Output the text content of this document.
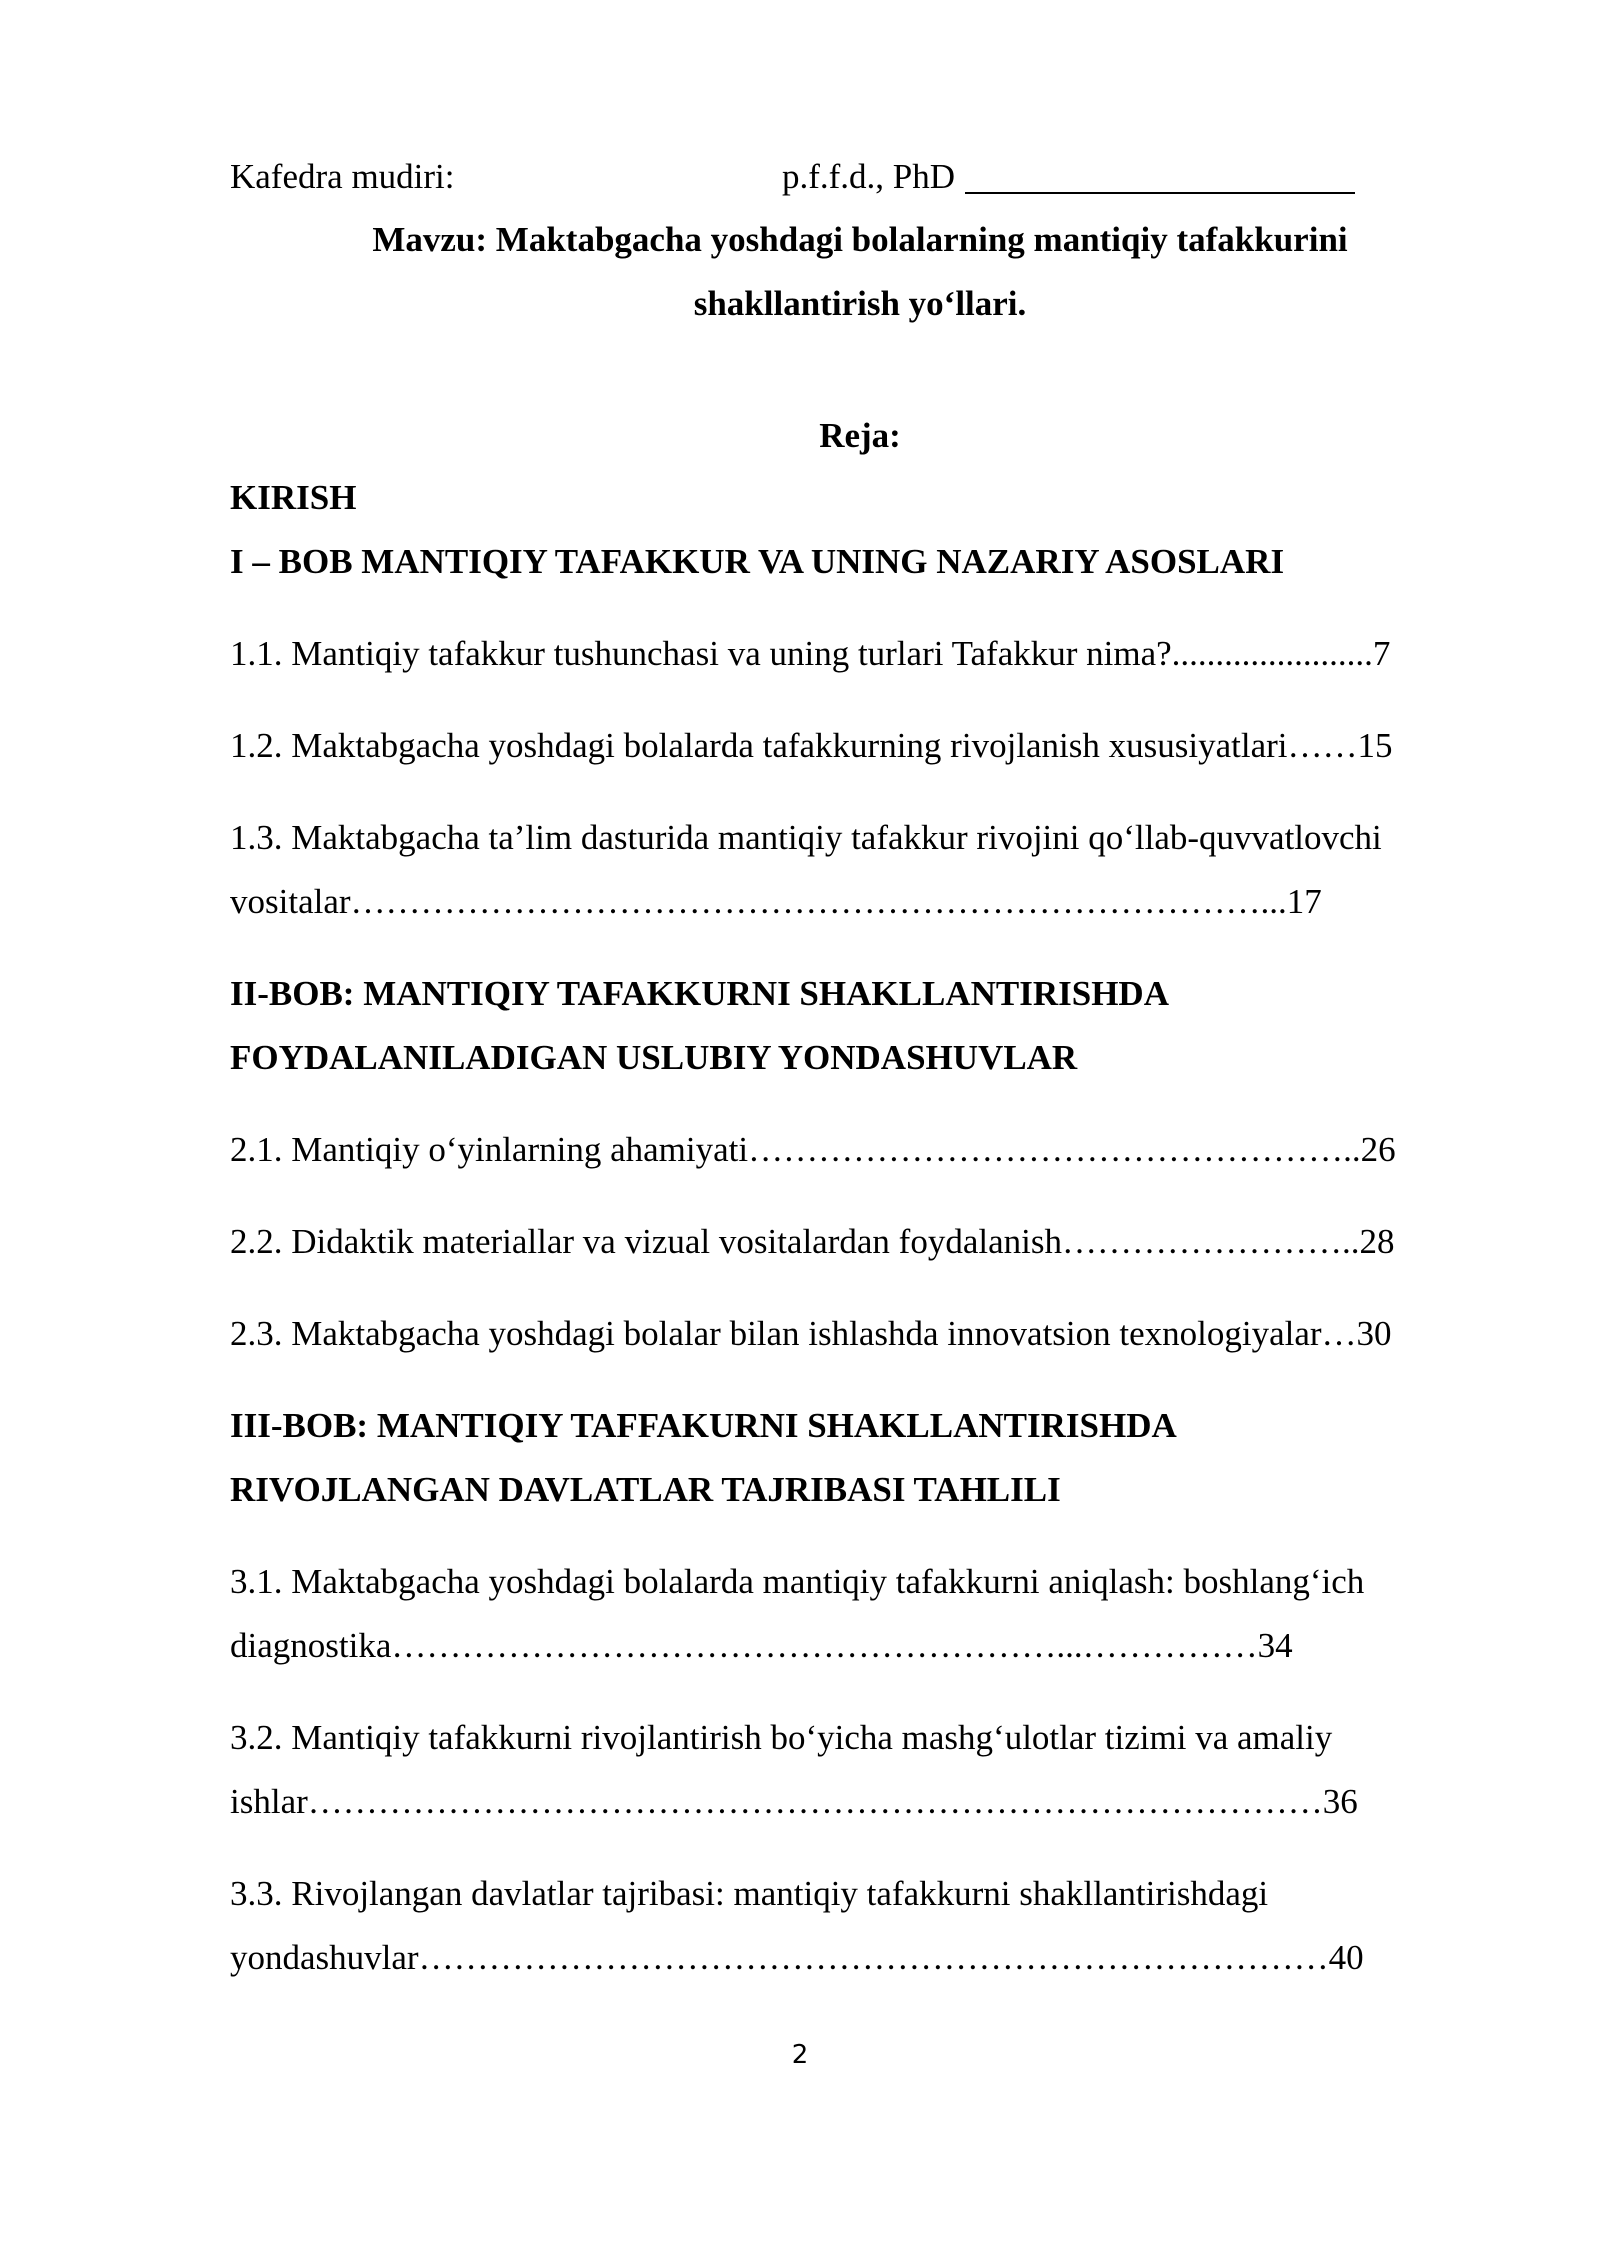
Kafedra mudiri:	p.f.f.d., PhD
Mavzu: Maktabgacha yoshdagi bolalarning mantiqiy tafakkurini
shakllantirish yo‘llari.
Reja:
KIRISH
I – BOB MANTIQIY TAFAKKUR VA UNING NAZARIY ASOSLARI
1.1. Mantiqiy tafakkur tushunchasi va uning turlari Tafakkur nima?.......................7
1.2. Maktabgacha yoshdagi bolalarda tafakkurning rivojlanish xususiyatlari……15
1.3. Maktabgacha ta’lim dasturida mantiqiy tafakkur rivojini qo‘llab-quvvatlovchi
vositalar……………………………………………………………………...17
II-BOB: MANTIQIY TAFAKKURNI SHAKLLANTIRISHDA
FOYDALANILADIGAN USLUBIY YONDASHUVLAR
2.1. Mantiqiy o‘yinlarning ahamiyati……………………………………………..26
2.2. Didaktik materiallar va vizual vositalardan foydalanish……………………..28
2.3. Maktabgacha yoshdagi bolalar bilan ishlashda innovatsion texnologiyalar…30
III-BOB: MANTIQIY TAFFAKURNI SHAKLLANTIRISHDA
RIVOJLANGAN DAVLATLAR TAJRIBASI TAHLILI
3.1. Maktabgacha yoshdagi bolalarda mantiqiy tafakkurni aniqlash: boshlang‘ich
diagnostika…………………………………………………...……………34
3.2. Mantiqiy tafakkurni rivojlantirish bo‘yicha mashg‘ulotlar tizimi va amaliy
ishlar……………………………………………………………………………36
3.3. Rivojlangan davlatlar tajribasi: mantiqiy tafakkurni shakllantirishdagi
yondashuvlar……………………………………………………………………40
2
